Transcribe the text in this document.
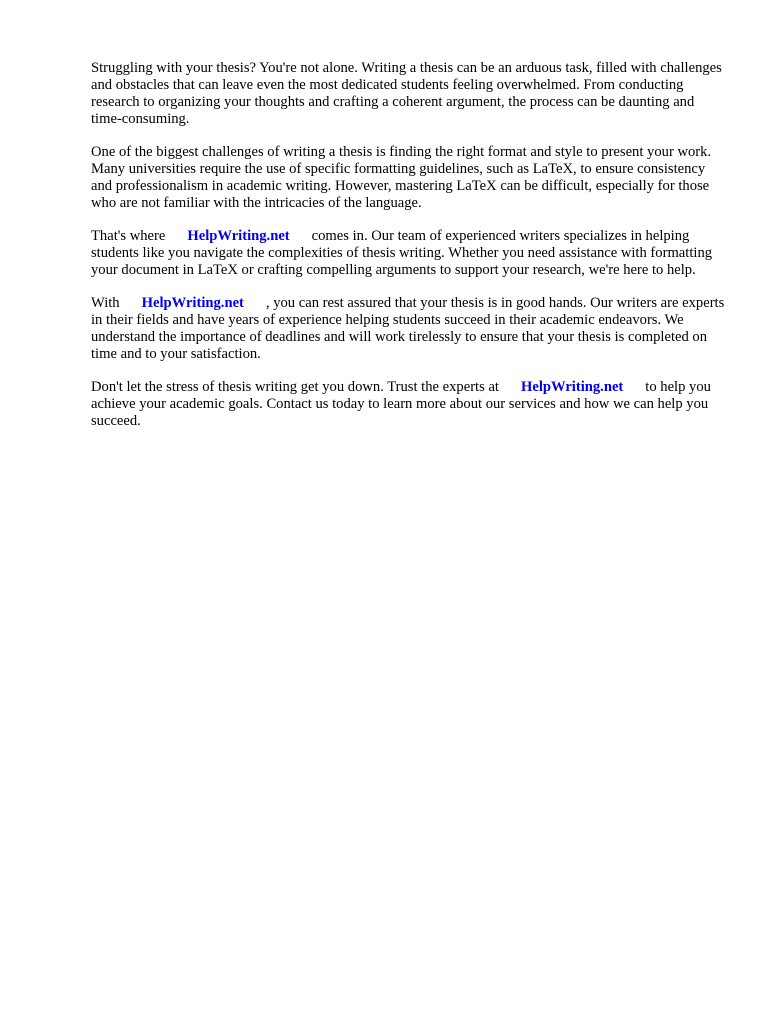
Struggling with your thesis? You're not alone. Writing a thesis can be an arduous task, filled with challenges and obstacles that can leave even the most dedicated students feeling overwhelmed. From conducting research to organizing your thoughts and crafting a coherent argument, the process can be daunting and time-consuming.

One of the biggest challenges of writing a thesis is finding the right format and style to present your work. Many universities require the use of specific formatting guidelines, such as LaTeX, to ensure consistency and professionalism in academic writing. However, mastering LaTeX can be difficult, especially for those who are not familiar with the intricacies of the language.

That's where HelpWriting.net comes in. Our team of experienced writers specializes in helping students like you navigate the complexities of thesis writing. Whether you need assistance with formatting your document in LaTeX or crafting compelling arguments to support your research, we're here to help.

With HelpWriting.net , you can rest assured that your thesis is in good hands. Our writers are experts in their fields and have years of experience helping students succeed in their academic endeavors. We understand the importance of deadlines and will work tirelessly to ensure that your thesis is completed on time and to your satisfaction.

Don't let the stress of thesis writing get you down. Trust the experts at HelpWriting.net to help you achieve your academic goals. Contact us today to learn more about our services and how we can help you succeed.
